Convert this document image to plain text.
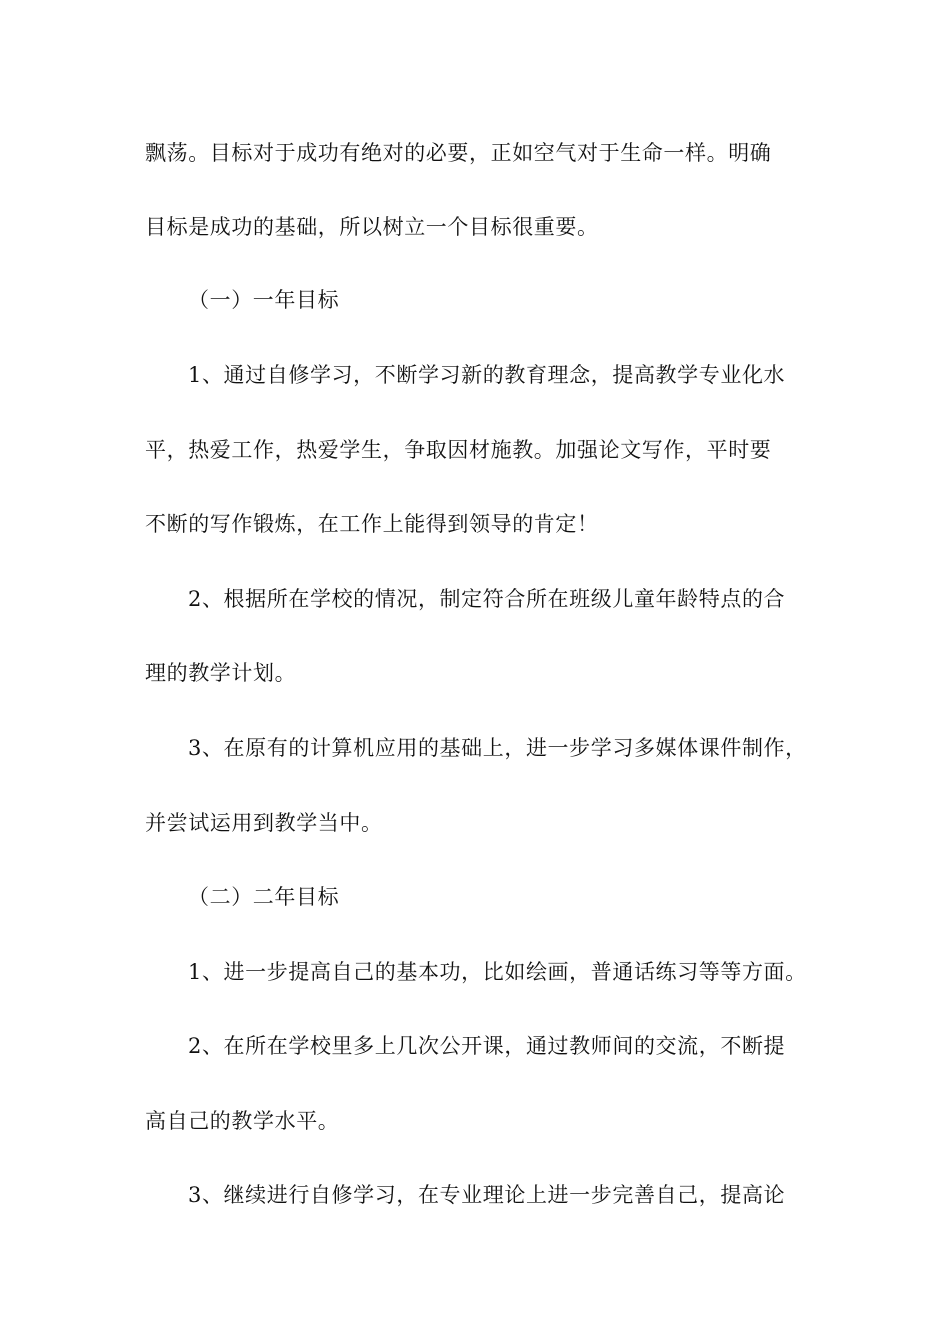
飘荡。目标对于成功有绝对的必要，正如空气对于生命一样。明确
目标是成功的基础，所以树立一个目标很重要。
（一）一年目标
1、通过自修学习，不断学习新的教育理念，提高教学专业化水
平，热爱工作，热爱学生，争取因材施教。加强论文写作，平时要
不断的写作锻炼，在工作上能得到领导的肯定！
2、根据所在学校的情况，制定符合所在班级儿童年龄特点的合
理的教学计划。
3、在原有的计算机应用的基础上，进一步学习多媒体课件制作，
并尝试运用到教学当中。
（二）二年目标
1、进一步提高自己的基本功，比如绘画，普通话练习等等方面。
2、在所在学校里多上几次公开课，通过教师间的交流，不断提
高自己的教学水平。
3、继续进行自修学习，在专业理论上进一步完善自己，提高论
